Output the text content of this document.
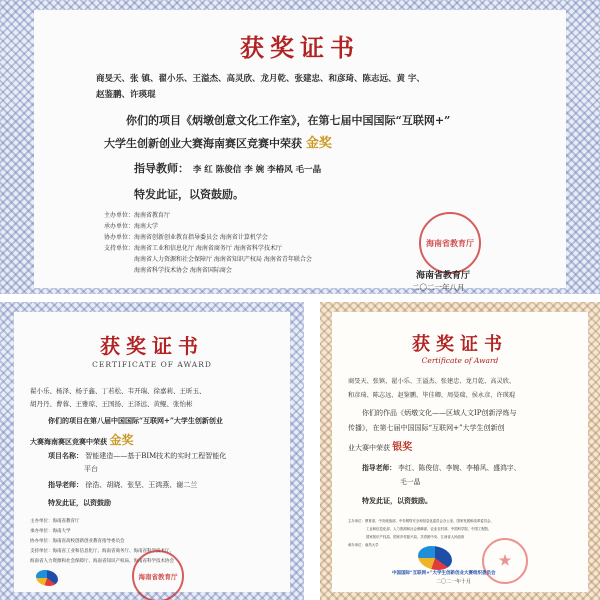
获奖证书
商旻天、张 镇、翟小乐、王溢杰、高灵欣、龙月乾、张建忠、和彦琦、陈志远、黄 宇、
赵鉴鹏、许瑛琨
你们的项目《炳墩创意文化工作室》，在第七届中国国际“互联网+”
大学生创新创业大赛海南赛区竞赛中荣获 金奖
指导教师： 李 红 陈俊信 李 婉 李椿风 毛一晶
特发此证，以资鼓励。
主办单位：海南省教育厅
承办单位：海南大学
协办单位：海南省创新创业教育指导委员会 海南省计算机学会
支持单位：海南省工业和信息化厅 海南省商务厅 海南省科学技术厅
海南省人力资源和社会保障厅 海南省知识产权局 海南省青年联合会
海南省科学技术协会 海南省国际商会
海南省教育厅
海南省教育厅
二〇二一年八月
获奖证书
CERTIFICATE OF AWARD
翟小乐、杨泽、杨子鑫、丁若松、韦开瑞、徐嘉莉、王昕玉、
胡丹丹、曹蓉、王雅琼、王国扬、王泽远、黄鲲、张怡彬
你们的项目在第八届中国国际“互联网+”大学生创新创业
大赛海南赛区竞赛中荣获 金奖
项目名称： 智能建造——基于BIM技术的实时工程智能化
平台
指导老师： 徐浩、胡晓、张坚、王鸿燕、谢二兰
特发此证，以资鼓励
主办单位：海南省教育厅
承办单位：海南大学
协办单位：海南省高校创新创业教育指导委员会
支持单位：海南省工业和信息化厅、海南省商务厅、海南省科学技术厅、
海南省人力资源和社会保障厅、海南省知识产权局、海南省科学技术协会
海南省教育厅
获奖证书
Certificate of Award
商旻天、张镇、翟小乐、王溢杰、张建忠、龙月乾、高灵欣、
和彦琦、陈志远、赵鉴鹏、毕佳卿、周晏瑞、侯永彦、许瑛琨
你们的作品《炳墩文化——区域人文IP创新浮炼与
传播》，在第七届中国国际“互联网+”大学生创新创
业大赛中荣获 银奖
指导老师： 李红、陈俊信、李婉、李椿风、盛鸿宇、
毛一晶
特发此证，以资鼓励。
主办单位：教育部、中央统战部、中央网络安全和信息化委员会办公室、国家发展和改革委员会、
工业和信息化部、人力资源和社会保障部、农业农村部、中国科学院、中国工程院、
国家知识产权局、国家乡村振兴局、共青团中央、江西省人民政府
承办单位：南昌大学
★
中国国际“互联网+”大学生创新创业大赛组织委员会
二〇二一年十月
